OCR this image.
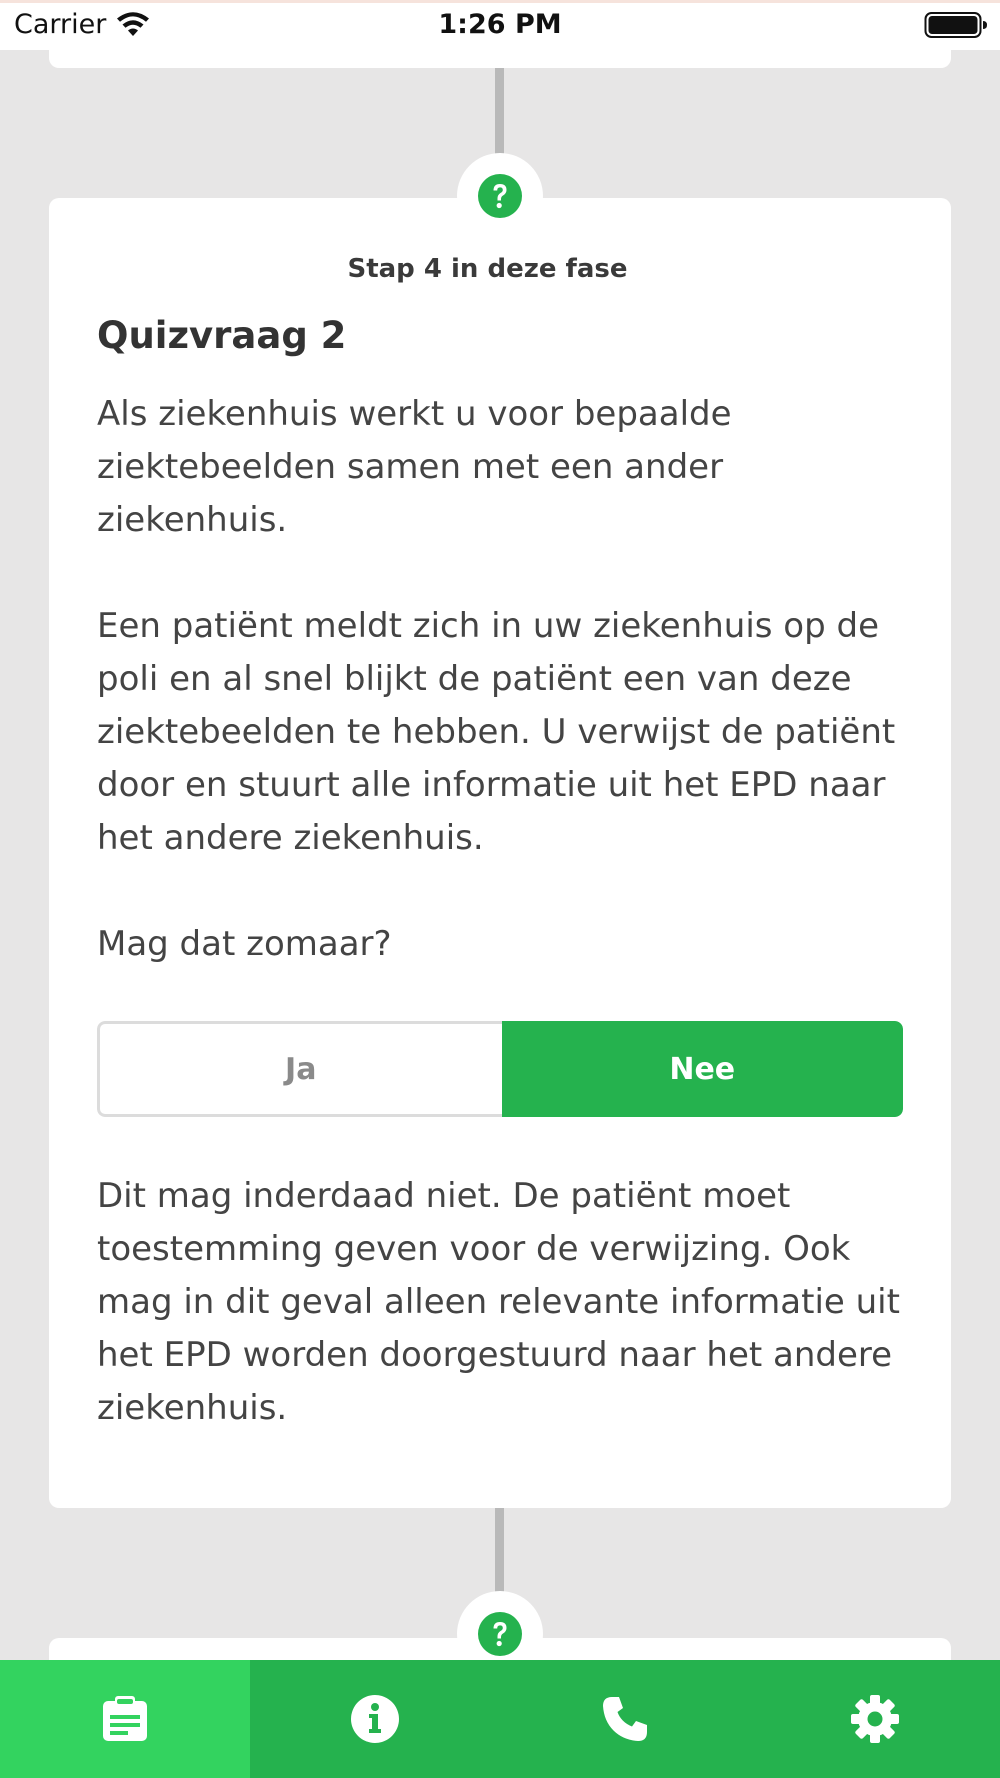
Carrier	1:26 PM
Stap 4 in deze fase
Quizvraag 2

Als ziekenhuis werkt u voor bepaalde ziektebeelden samen met een ander ziekenhuis.

Een patiënt meldt zich in uw ziekenhuis op de poli en al snel blijkt de patiënt een van deze ziektebeelden te hebben. U verwijst de patiënt door en stuurt alle informatie uit het EPD naar het andere ziekenhuis.

Mag dat zomaar?

Ja	Nee

Dit mag inderdaad niet. De patiënt moet toestemming geven voor de verwijzing. Ook mag in dit geval alleen relevante informatie uit het EPD worden doorgestuurd naar het andere ziekenhuis.
